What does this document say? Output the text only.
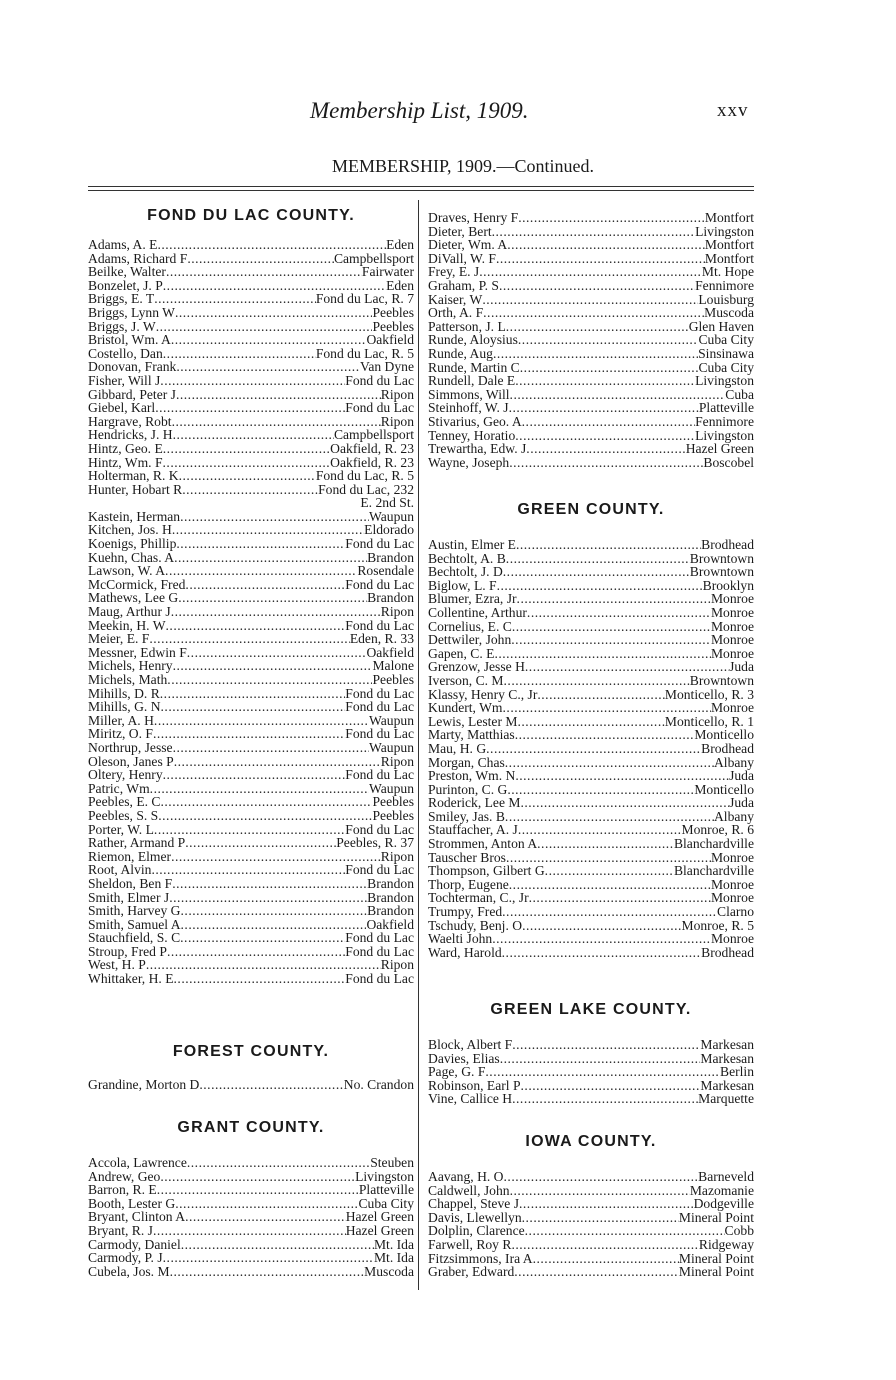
Membership List, 1909.	xxv
MEMBERSHIP, 1909.—Continued.
FOND DU LAC COUNTY.
Adams, A. E .....	Eden
Adams, Richard F .....	Campbellsport
Beilke, Walter .....	Fairwater
Bonzelet, J. P .....	Eden
Briggs, E. T .....	Fond du Lac, R. 7
Briggs, Lynn W .....	Peebles
Briggs, J. W .....	Peebles
Bristol, Wm. A .....	Oakfield
Costello, Dan .....	Fond du Lac, R. 5
Donovan, Frank .....	Van Dyne
Fisher, Will J .....	Fond du Lac
Gibbard, Peter J .....	Ripon
Giebel, Karl .....	Fond du Lac
Hargrave, Robt .....	Ripon
Hendricks, J. H .....	Campbellsport
Hintz, Geo. E .....	Oakfield, R. 23
Hintz, Wm. F .....	Oakfield, R. 23
Holterman, R. K .....	Fond du Lac, R. 5
Hunter, Hobart R .....	Fond du Lac, 232
E. 2nd St.
Kastein, Herman .....	Waupun
Kitchen, Jos. H .....	Eldorado
Koenigs, Phillip .....	Fond du Lac
Kuehn, Chas. A .....	Brandon
Lawson, W. A .....	Rosendale
McCormick, Fred .....	Fond du Lac
Mathews, Lee G .....	Brandon
Maug, Arthur J .....	Ripon
Meekin, H. W .....	Fond du Lac
Meier, E. F .....	Eden, R. 33
Messner, Edwin F .....	Oakfield
Michels, Henry .....	Malone
Michels, Math .....	Peebles
Mihills, D. R .....	Fond du Lac
Mihills, G. N .....	Fond du Lac
Miller, A. H .....	Waupun
Miritz, O. F .....	Fond du Lac
Northrup, Jesse .....	Waupun
Oleson, Janes P .....	Ripon
Oltery, Henry .....	Fond du Lac
Patric, Wm .....	Waupun
Peebles, E. C .....	Peebles
Peebles, S. S .....	Peebles
Porter, W. L .....	Fond du Lac
Rather, Armand P .....	Peebles, R. 37
Riemon, Elmer .....	Ripon
Root, Alvin .....	Fond du Lac
Sheldon, Ben F .....	Brandon
Smith, Elmer J .....	Brandon
Smith, Harvey G .....	Brandon
Smith, Samuel A .....	Oakfield
Stauchfield, S. C .....	Fond du Lac
Stroup, Fred P .....	Fond du Lac
West, H. P .....	Ripon
Whittaker, H. E .....	Fond du Lac
FOREST COUNTY.
Grandine, Morton D .....	No. Crandon
GRANT COUNTY.
Accola, Lawrence .....	Steuben
Andrew, Geo .....	Livingston
Barron, R. E .....	Platteville
Booth, Lester G .....	Cuba City
Bryant, Clinton A .....	Hazel Green
Bryant, R. J .....	Hazel Green
Carmody, Daniel .....	Mt. Ida
Carmody, P. J .....	Mt. Ida
Cubela, Jos. M .....	Muscoda
Draves, Henry F .....	Montfort
Dieter, Bert .....	Livingston
Dieter, Wm. A .....	Montfort
DiVall, W. F .....	Montfort
Frey, E. J .....	Mt. Hope
Graham, P. S .....	Fennimore
Kaiser, W .....	Louisburg
Orth, A. F .....	Muscoda
Patterson, J. L .....	Glen Haven
Runde, Aloysius .....	Cuba City
Runde, Aug .....	Sinsinawa
Runde, Martin C .....	Cuba City
Rundell, Dale E .....	Livingston
Simmons, Will .....	Cuba
Steinhoff, W. J .....	Platteville
Stivarius, Geo. A .....	Fennimore
Tenney, Horatio .....	Livingston
Trewartha, Edw. J .....	Hazel Green
Wayne, Joseph .....	Boscobel
GREEN COUNTY.
Austin, Elmer E .....	Brodhead
Bechtolt, A. B .....	Browntown
Bechtolt, J. D .....	Browntown
Biglow, L. F .....	Brooklyn
Blumer, Ezra, Jr .....	Monroe
Collentine, Arthur .....	Monroe
Cornelius, E. C .....	Monroe
Dettwiler, John .....	Monroe
Gapen, C. E .....	Monroe
Grenzow, Jesse H .....	Juda
Iverson, C. M .....	Browntown
Klassy, Henry C., Jr .....	Monticello, R. 3
Kundert, Wm .....	Monroe
Lewis, Lester M .....	Monticello, R. 1
Marty, Matthias .....	Monticello
Mau, H. G .....	Brodhead
Morgan, Chas .....	Albany
Preston, Wm. N .....	Juda
Purinton, C. G .....	Monticello
Roderick, Lee M .....	Juda
Smiley, Jas. B .....	Albany
Stauffacher, A. J .....	Monroe, R. 6
Strommen, Anton A .....	Blanchardville
Tauscher Bros .....	Monroe
Thompson, Gilbert G .....	Blanchardville
Thorp, Eugene .....	Monroe
Tochterman, C., Jr .....	Monroe
Trumpy, Fred .....	Clarno
Tschudy, Benj. O .....	Monroe, R. 5
Waelti John .....	Monroe
Ward, Harold .....	Brodhead
GREEN LAKE COUNTY.
Block, Albert F .....	Markesan
Davies, Elias .....	Markesan
Page, G. F .....	Berlin
Robinson, Earl P .....	Markesan
Vine, Callice H .....	Marquette
IOWA COUNTY.
Aavang, H. O .....	Barneveld
Caldwell, John .....	Mazomanie
Chappel, Steve J .....	Dodgeville
Davis, Llewellyn .....	Mineral Point
Dolplin, Clarence .....	Cobb
Farwell, Roy R .....	Ridgeway
Fitzsimmons, Ira A .....	Mineral Point
Graber, Edward .....	Mineral Point
